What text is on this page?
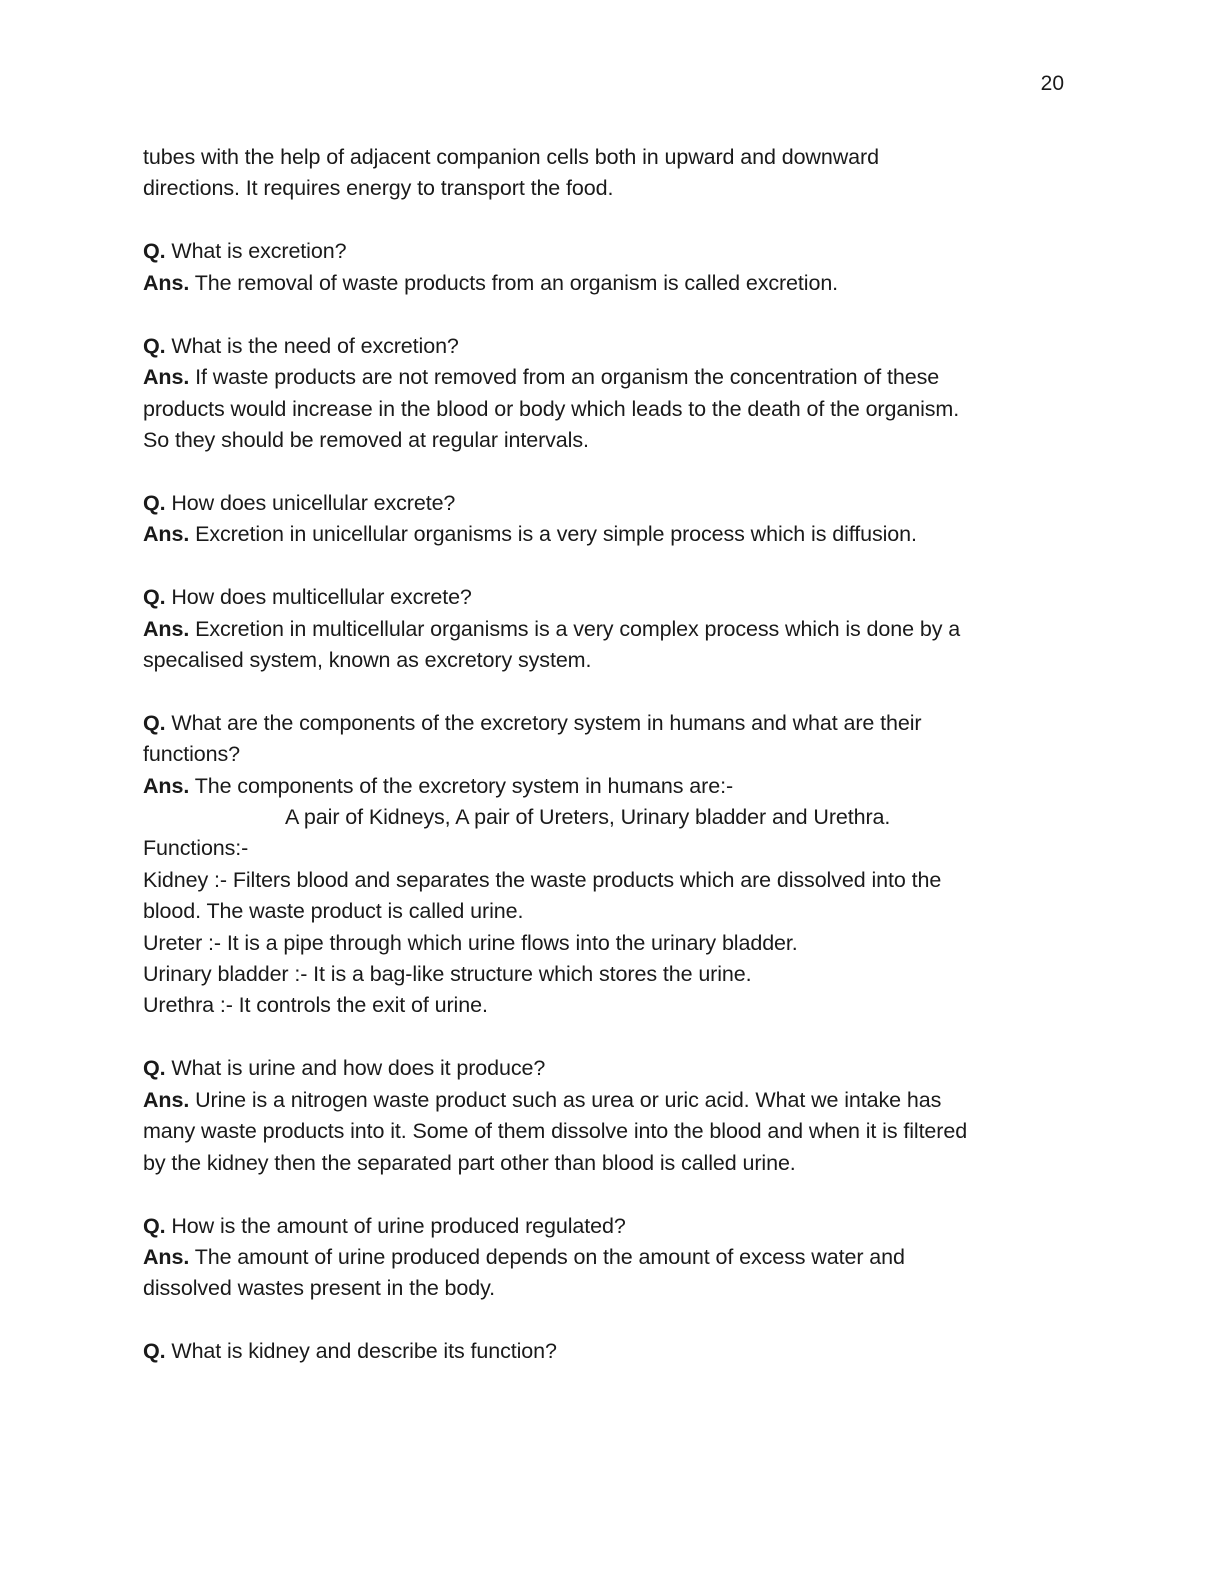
20
tubes with the help of adjacent companion cells both in upward and downward
directions. It requires energy to transport the food.
Q. What is excretion?
Ans. The removal of waste products from an organism is called excretion.
Q. What is the need of excretion?
Ans. If waste products are not removed from an organism the concentration of these
products would increase in the blood or body which leads to the death of the organism.
So they should be removed at regular intervals.
Q. How does unicellular excrete?
Ans. Excretion in unicellular organisms is a very simple process which is diffusion.
Q. How does multicellular excrete?
Ans. Excretion in multicellular organisms is a very complex process which is done by a
specalised system, known as excretory system.
Q. What are the components of the excretory system in humans and what are their
functions?
Ans. The components of the excretory system in humans are:-
A pair of Kidneys, A pair of Ureters, Urinary bladder and Urethra.
Functions:-
Kidney :- Filters blood and separates the waste products which are dissolved into the
blood. The waste product is called urine.
Ureter :- It is a pipe through which urine flows into the urinary bladder.
Urinary bladder :- It is a bag-like structure which stores the urine.
Urethra :- It controls the exit of urine.
Q. What is urine and how does it produce?
Ans. Urine is a nitrogen waste product such as urea or uric acid. What we intake has
many waste products into it. Some of them dissolve into the blood and when it is filtered
by the kidney then the separated part other than blood is called urine.
Q. How is the amount of urine produced regulated?
Ans. The amount of urine produced depends on the amount of excess water and
dissolved wastes present in the body.
Q. What is kidney and describe its function?
